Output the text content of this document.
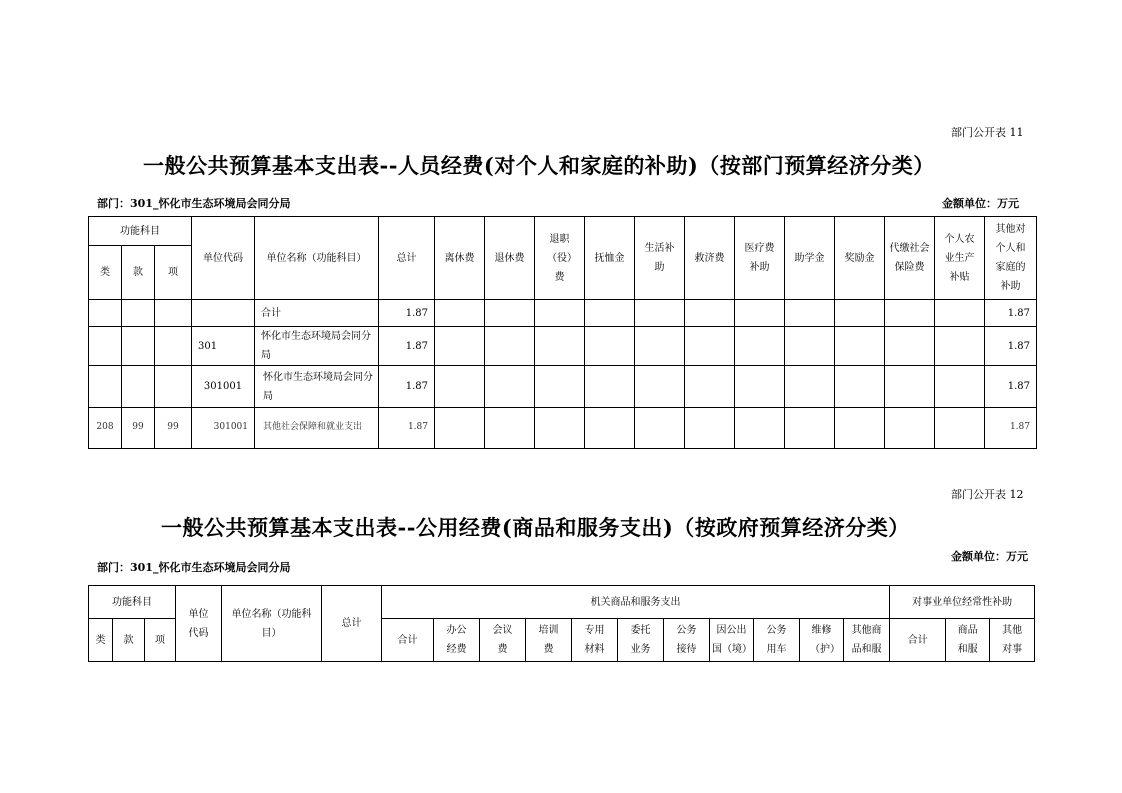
部门公开表 11
一般公共预算基本支出表--人员经费(对个人和家庭的补助)（按部门预算经济分类）
部门：301_怀化市生态环境局会同分局	金额单位：万元
功能科目			单位代码	单位名称（功能科目）	总计	离休费	退休费	退职（役）费	抚恤金	生活补助	救济费	医疗费补助	助学金	奖励金	代缴社会保险费	个人农业生产补贴	其他对个人和家庭的补助
类	款	项															
				合计	1.87												1.87
			301	怀化市生态环境局会同分局	1.87												1.87
			301001	怀化市生态环境局会同分局	1.87												1.87
208	99	99	301001	其他社会保障和就业支出	1.87												1.87
部门公开表 12
一般公共预算基本支出表--公用经费(商品和服务支出)（按政府预算经济分类）
部门：301_怀化市生态环境局会同分局
金额单位：万元
功能科目			单位代码	单位名称（功能科目）	总计	机关商品和服务支出											对事业单位经常性补助		
类	款	项				合计	办公经费	会议费	培训费	专用材料	委托业务	公务接待	因公出国（境）	公务用车	维修（护）	其他商品和服	合计	商品和服	其他对事
